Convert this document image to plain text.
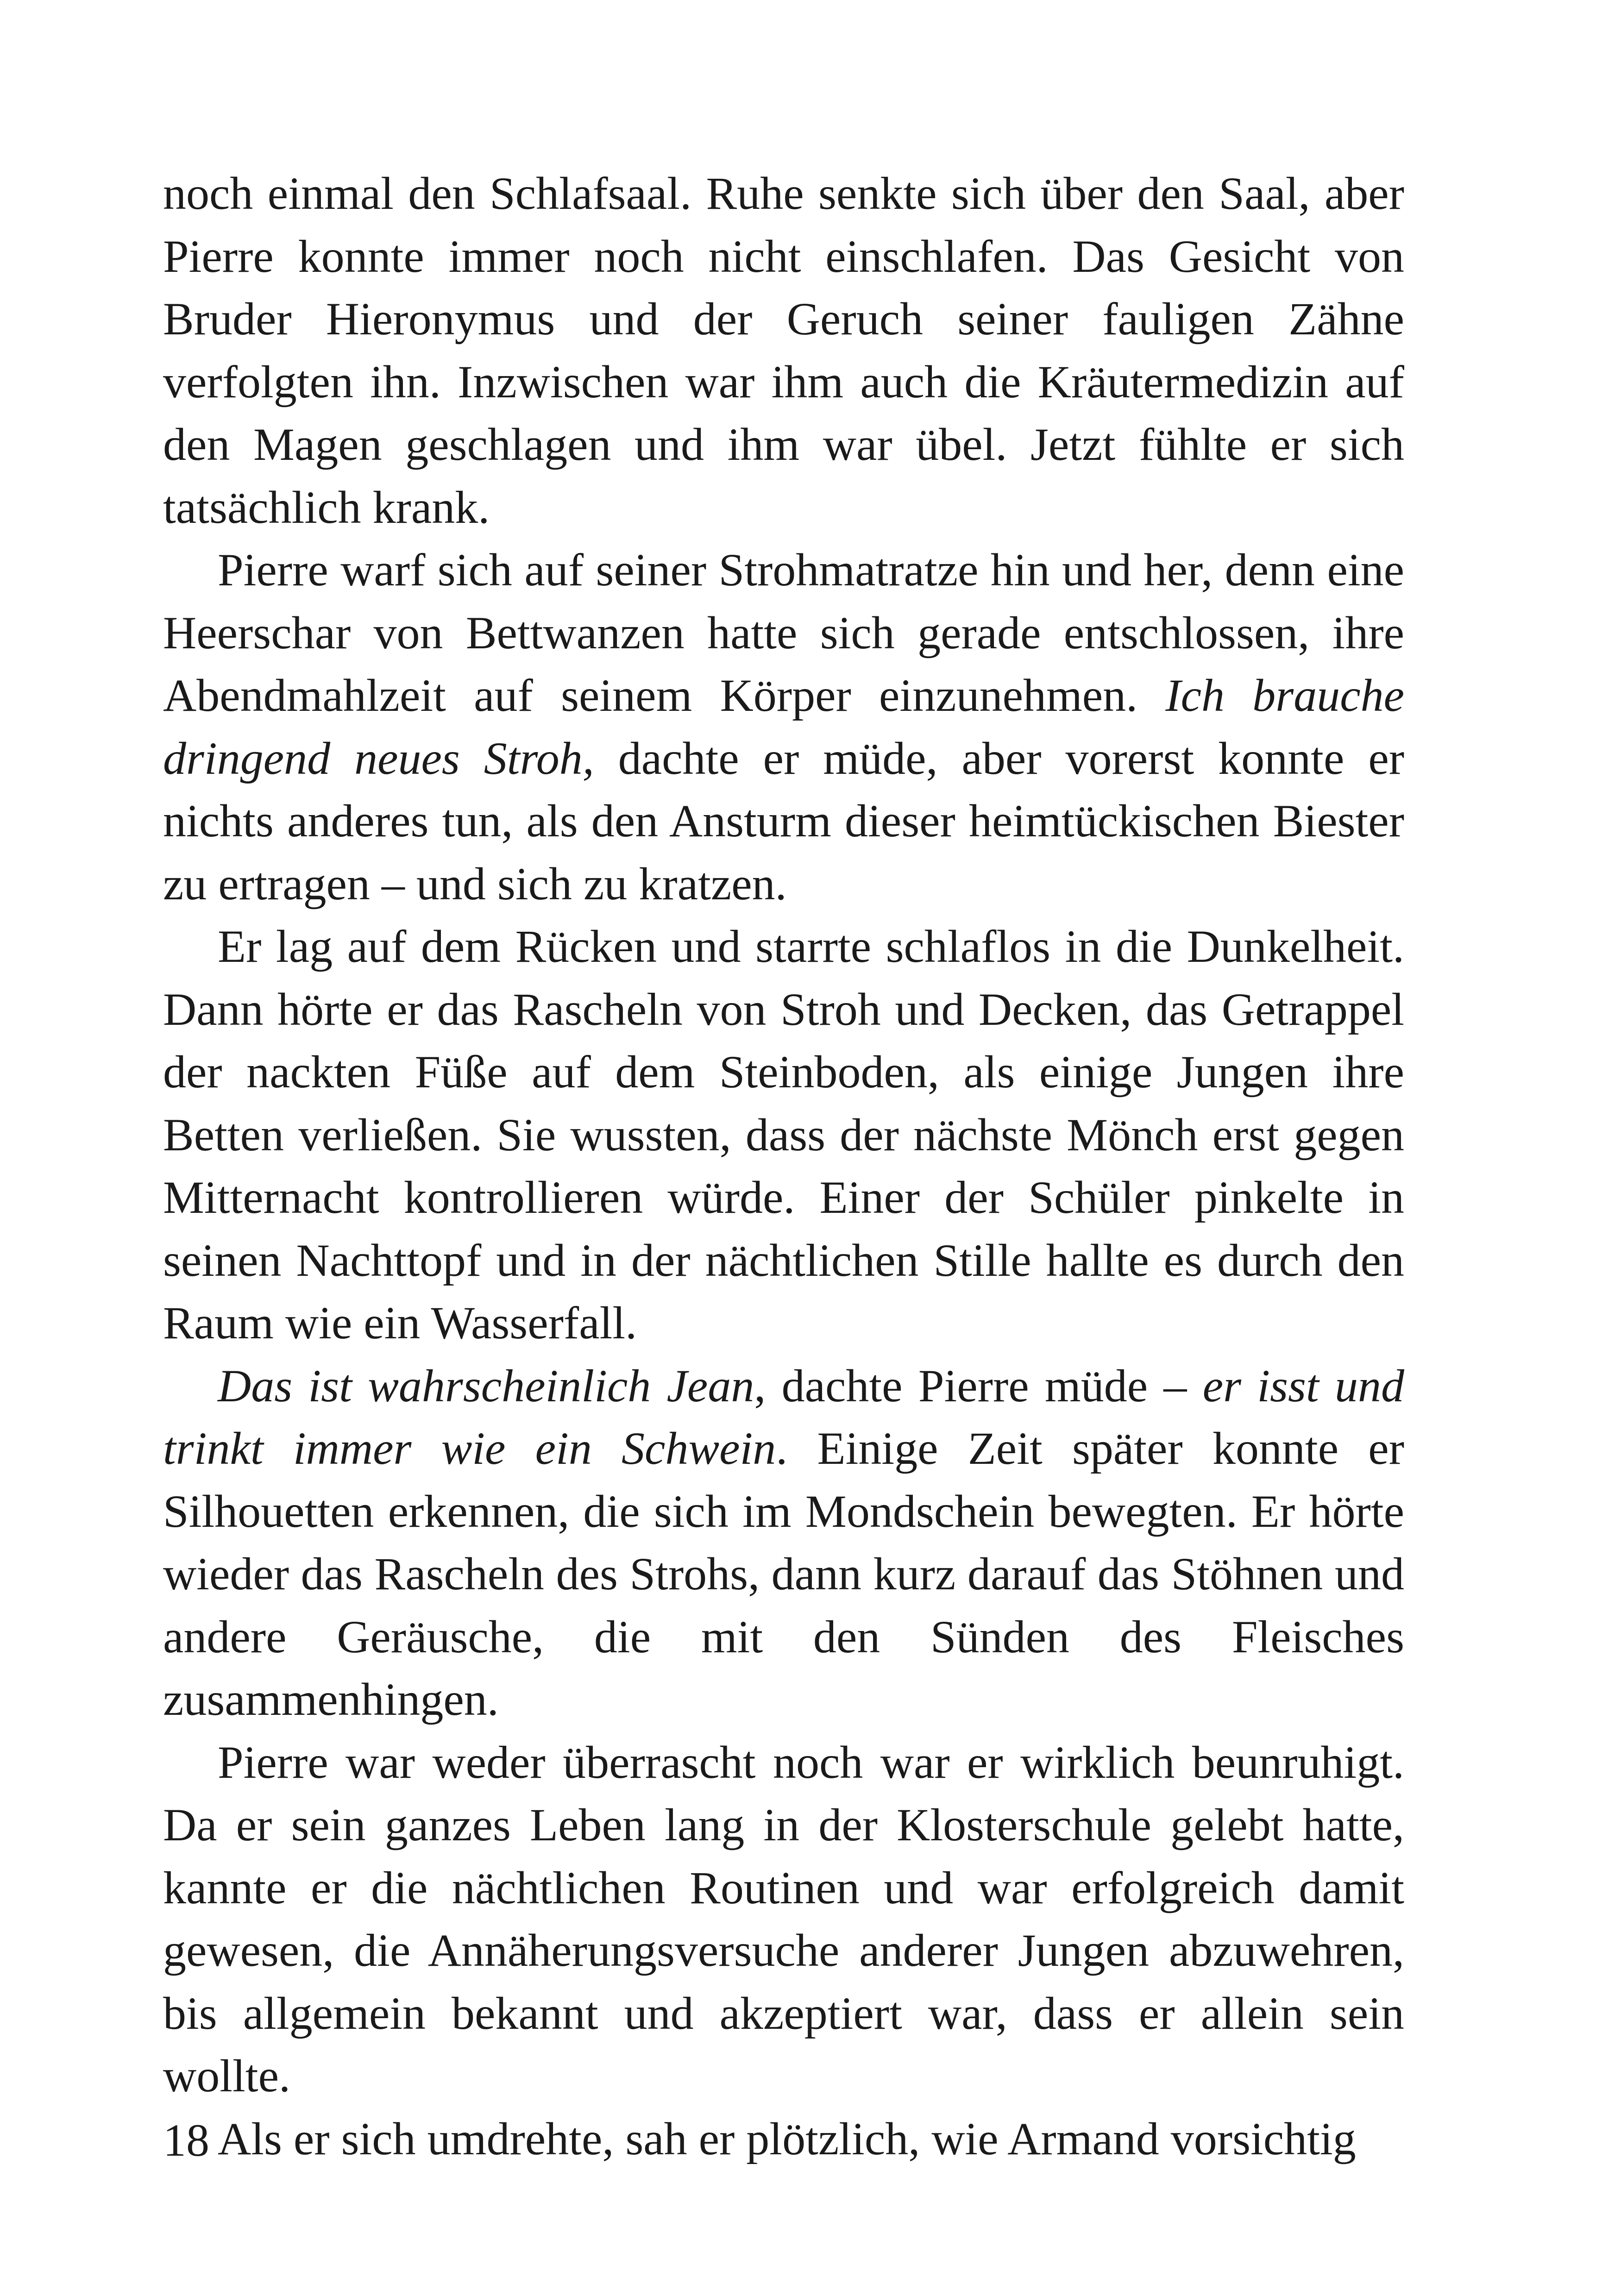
noch einmal den Schlafsaal. Ruhe senkte sich über den Saal, aber Pierre konnte immer noch nicht einschlafen. Das Gesicht von Bruder Hieronymus und der Geruch seiner fauligen Zähne verfolgten ihn. Inzwischen war ihm auch die Kräutermedizin auf den Magen geschlagen und ihm war übel. Jetzt fühlte er sich tatsächlich krank.

Pierre warf sich auf seiner Strohmatratze hin und her, denn eine Heerschar von Bettwanzen hatte sich gerade entschlossen, ihre Abendmahlzeit auf seinem Körper einzunehmen. Ich brauche dringend neues Stroh, dachte er müde, aber vorerst konnte er nichts anderes tun, als den Ansturm dieser heimtückischen Biester zu ertragen – und sich zu kratzen.

Er lag auf dem Rücken und starrte schlaflos in die Dunkelheit. Dann hörte er das Rascheln von Stroh und Decken, das Getrappel der nackten Füße auf dem Steinboden, als einige Jungen ihre Betten verließen. Sie wussten, dass der nächste Mönch erst gegen Mitternacht kontrollieren würde. Einer der Schüler pinkelte in seinen Nachttopf und in der nächtlichen Stille hallte es durch den Raum wie ein Wasserfall.

Das ist wahrscheinlich Jean, dachte Pierre müde – er isst und trinkt immer wie ein Schwein. Einige Zeit später konnte er Silhouetten erkennen, die sich im Mondschein bewegten. Er hörte wieder das Rascheln des Strohs, dann kurz darauf das Stöhnen und andere Geräusche, die mit den Sünden des Fleisches zusammenhingen.

Pierre war weder überrascht noch war er wirklich beunruhigt. Da er sein ganzes Leben lang in der Klosterschule gelebt hatte, kannte er die nächtlichen Routinen und war erfolgreich damit gewesen, die Annäherungsversuche anderer Jungen abzuwehren, bis allgemein bekannt und akzeptiert war, dass er allein sein wollte.

Als er sich umdrehte, sah er plötzlich, wie Armand vorsichtig

18
